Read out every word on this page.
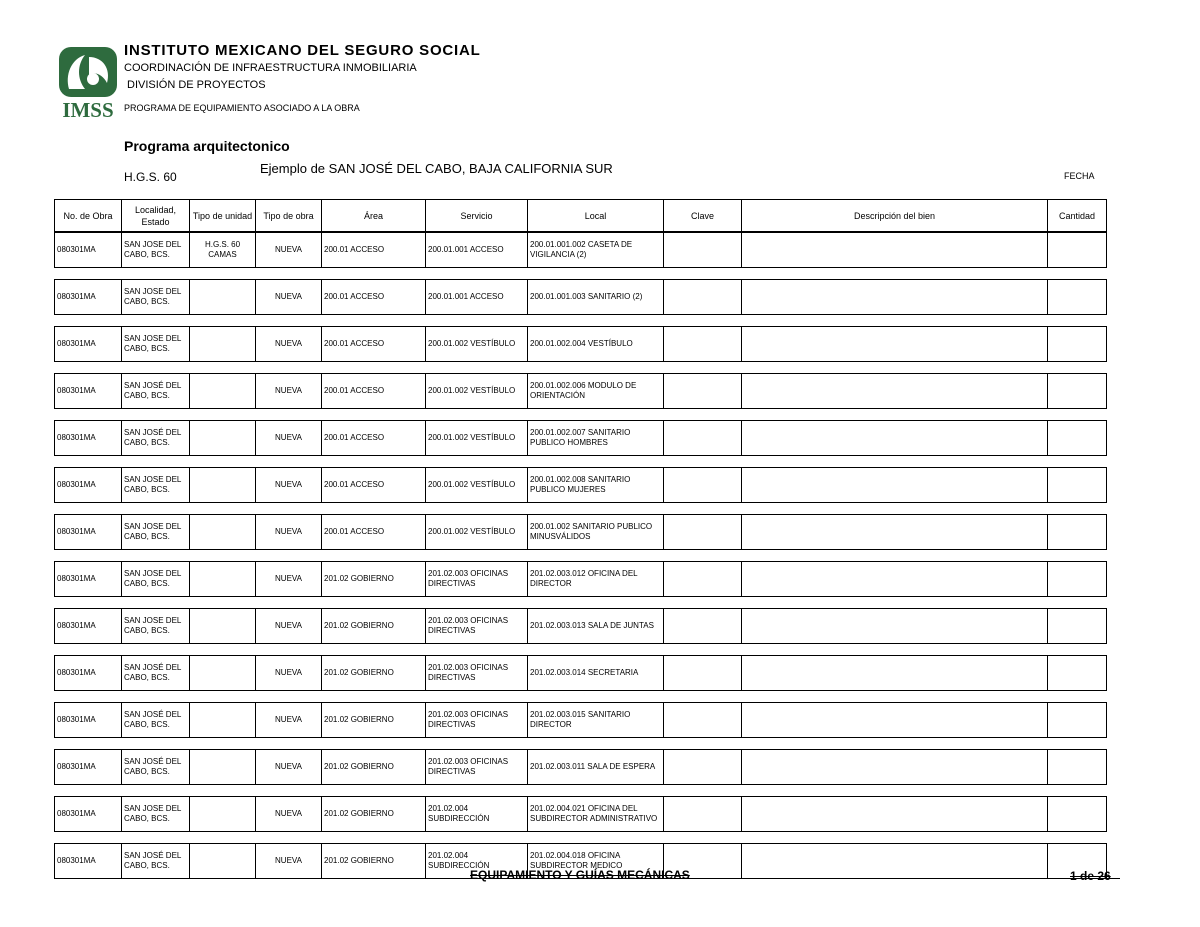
IMSS
INSTITUTO MEXICANO DEL SEGURO SOCIAL
COORDINACIÓN DE INFRAESTRUCTURA INMOBILIARIA
DIVISIÓN DE PROYECTOS
PROGRAMA DE EQUIPAMIENTO ASOCIADO A LA OBRA
Programa arquitectonico
H.G.S. 60
Ejemplo de SAN JOSÉ DEL CABO, BAJA CALIFORNIA SUR	FECHA
No. de Obra	Localidad, Estado	Tipo de unidad	Tipo de obra	Área	Servicio	Local	Clave	Descripción del bien	Cantidad
080301MA	SAN JOSE DEL CABO, BCS.	H.G.S. 60 CAMAS	NUEVA	200.01 ACCESO	200.01.001 ACCESO	200.01.001.002 CASETA DE VIGILANCIA (2)			

080301MA	SAN JOSE DEL CABO, BCS.		NUEVA	200.01 ACCESO	200.01.001 ACCESO	200.01.001.003 SANITARIO (2)			

080301MA	SAN JOSE DEL CABO, BCS.		NUEVA	200.01 ACCESO	200.01.002 VESTÍBULO	200.01.002.004 VESTÍBULO			

080301MA	SAN JOSÉ DEL CABO, BCS.		NUEVA	200.01 ACCESO	200.01.002 VESTÍBULO	200.01.002.006 MODULO DE ORIENTACIÓN			

080301MA	SAN JOSÉ DEL CABO, BCS.		NUEVA	200.01 ACCESO	200.01.002 VESTÍBULO	200.01.002.007 SANITARIO PUBLICO HOMBRES			

080301MA	SAN JOSE DEL CABO, BCS.		NUEVA	200.01 ACCESO	200.01.002 VESTÍBULO	200.01.002.008 SANITARIO PUBLICO MUJERES			

080301MA	SAN JOSE DEL CABO, BCS.		NUEVA	200.01 ACCESO	200.01.002 VESTÍBULO	200.01.002 SANITARIO PUBLICO MINUSVÁLIDOS			

080301MA	SAN JOSE DEL CABO, BCS.		NUEVA	201.02 GOBIERNO	201.02.003 OFICINAS DIRECTIVAS	201.02.003.012 OFICINA DEL DIRECTOR			

080301MA	SAN JOSE DEL CABO, BCS.		NUEVA	201.02 GOBIERNO	201.02.003 OFICINAS DIRECTIVAS	201.02.003.013 SALA DE JUNTAS			

080301MA	SAN JOSÉ DEL CABO, BCS.		NUEVA	201.02 GOBIERNO	201.02.003 OFICINAS DIRECTIVAS	201.02.003.014 SECRETARIA			

080301MA	SAN JOSÉ DEL CABO, BCS.		NUEVA	201.02 GOBIERNO	201.02.003 OFICINAS DIRECTIVAS	201.02.003.015 SANITARIO DIRECTOR			

080301MA	SAN JOSÉ DEL CABO, BCS.		NUEVA	201.02 GOBIERNO	201.02.003 OFICINAS DIRECTIVAS	201.02.003.011 SALA DE ESPERA			

080301MA	SAN JOSE DEL CABO, BCS.		NUEVA	201.02 GOBIERNO	201.02.004 SUBDIRECCIÓN	201.02.004.021 OFICINA DEL SUBDIRECTOR ADMINISTRATIVO			

080301MA	SAN JOSÉ DEL CABO, BCS.		NUEVA	201.02 GOBIERNO	201.02.004 SUBDIRECCIÓN	201.02.004.018 OFICINA SUBDIRECTOR MEDICO			
EQUIPAMIENTO Y GUÍAS MECÁNICAS	1 de 26
